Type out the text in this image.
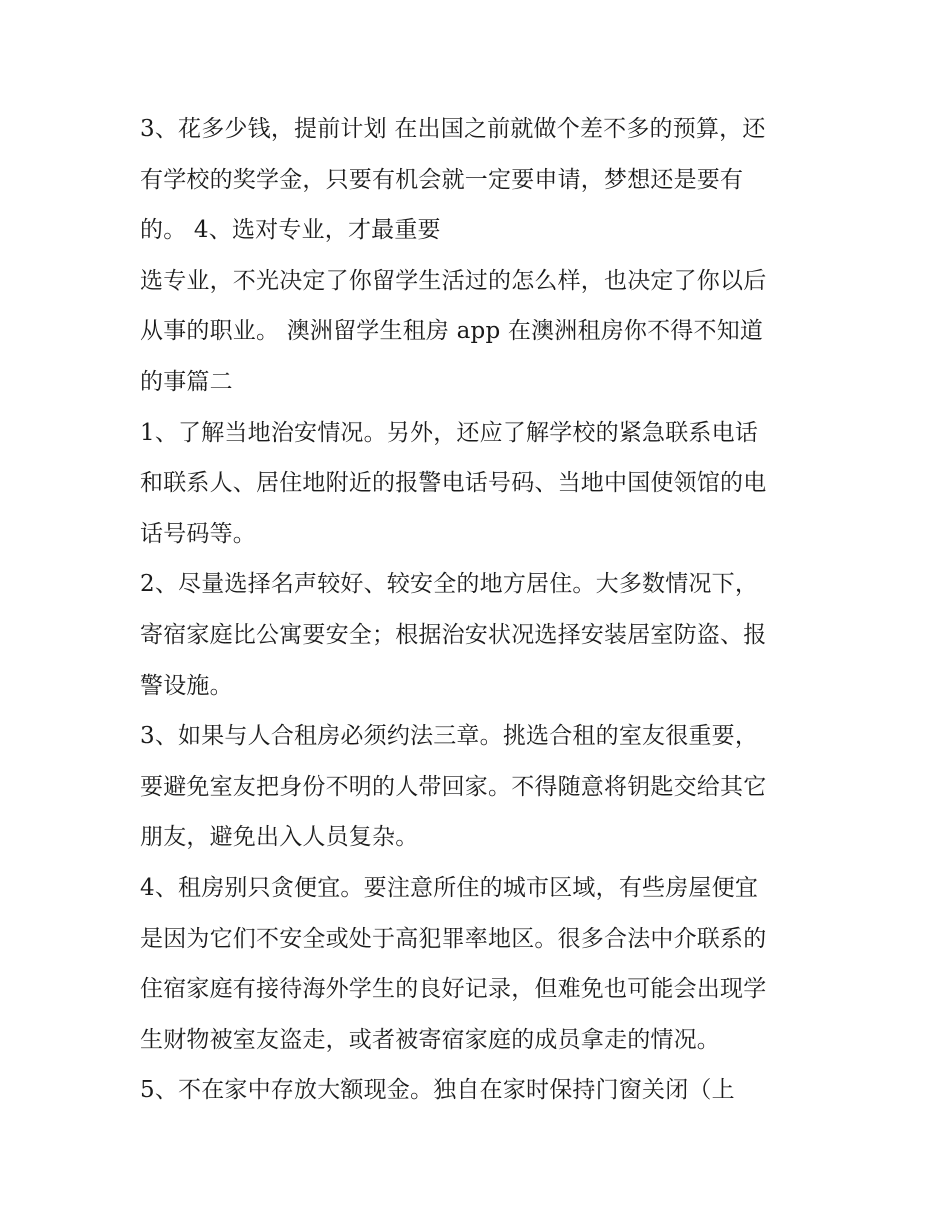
3、花多少钱，提前计划 在出国之前就做个差不多的预算，还
有学校的奖学金，只要有机会就一定要申请，梦想还是要有
的。 4、选对专业，才最重要
选专业，不光决定了你留学生活过的怎么样，也决定了你以后
从事的职业。 澳洲留学生租房 app 在澳洲租房你不得不知道
的事篇二
1、了解当地治安情况。另外，还应了解学校的紧急联系电话
和联系人、居住地附近的报警电话号码、当地中国使领馆的电
话号码等。
2、尽量选择名声较好、较安全的地方居住。大多数情况下，
寄宿家庭比公寓要安全；根据治安状况选择安装居室防盗、报
警设施。
3、如果与人合租房必须约法三章。挑选合租的室友很重要，
要避免室友把身份不明的人带回家。不得随意将钥匙交给其它
朋友，避免出入人员复杂。
4、租房别只贪便宜。要注意所住的城市区域，有些房屋便宜
是因为它们不安全或处于高犯罪率地区。很多合法中介联系的
住宿家庭有接待海外学生的良好记录，但难免也可能会出现学
生财物被室友盗走，或者被寄宿家庭的成员拿走的情况。
5、不在家中存放大额现金。独自在家时保持门窗关闭（上
